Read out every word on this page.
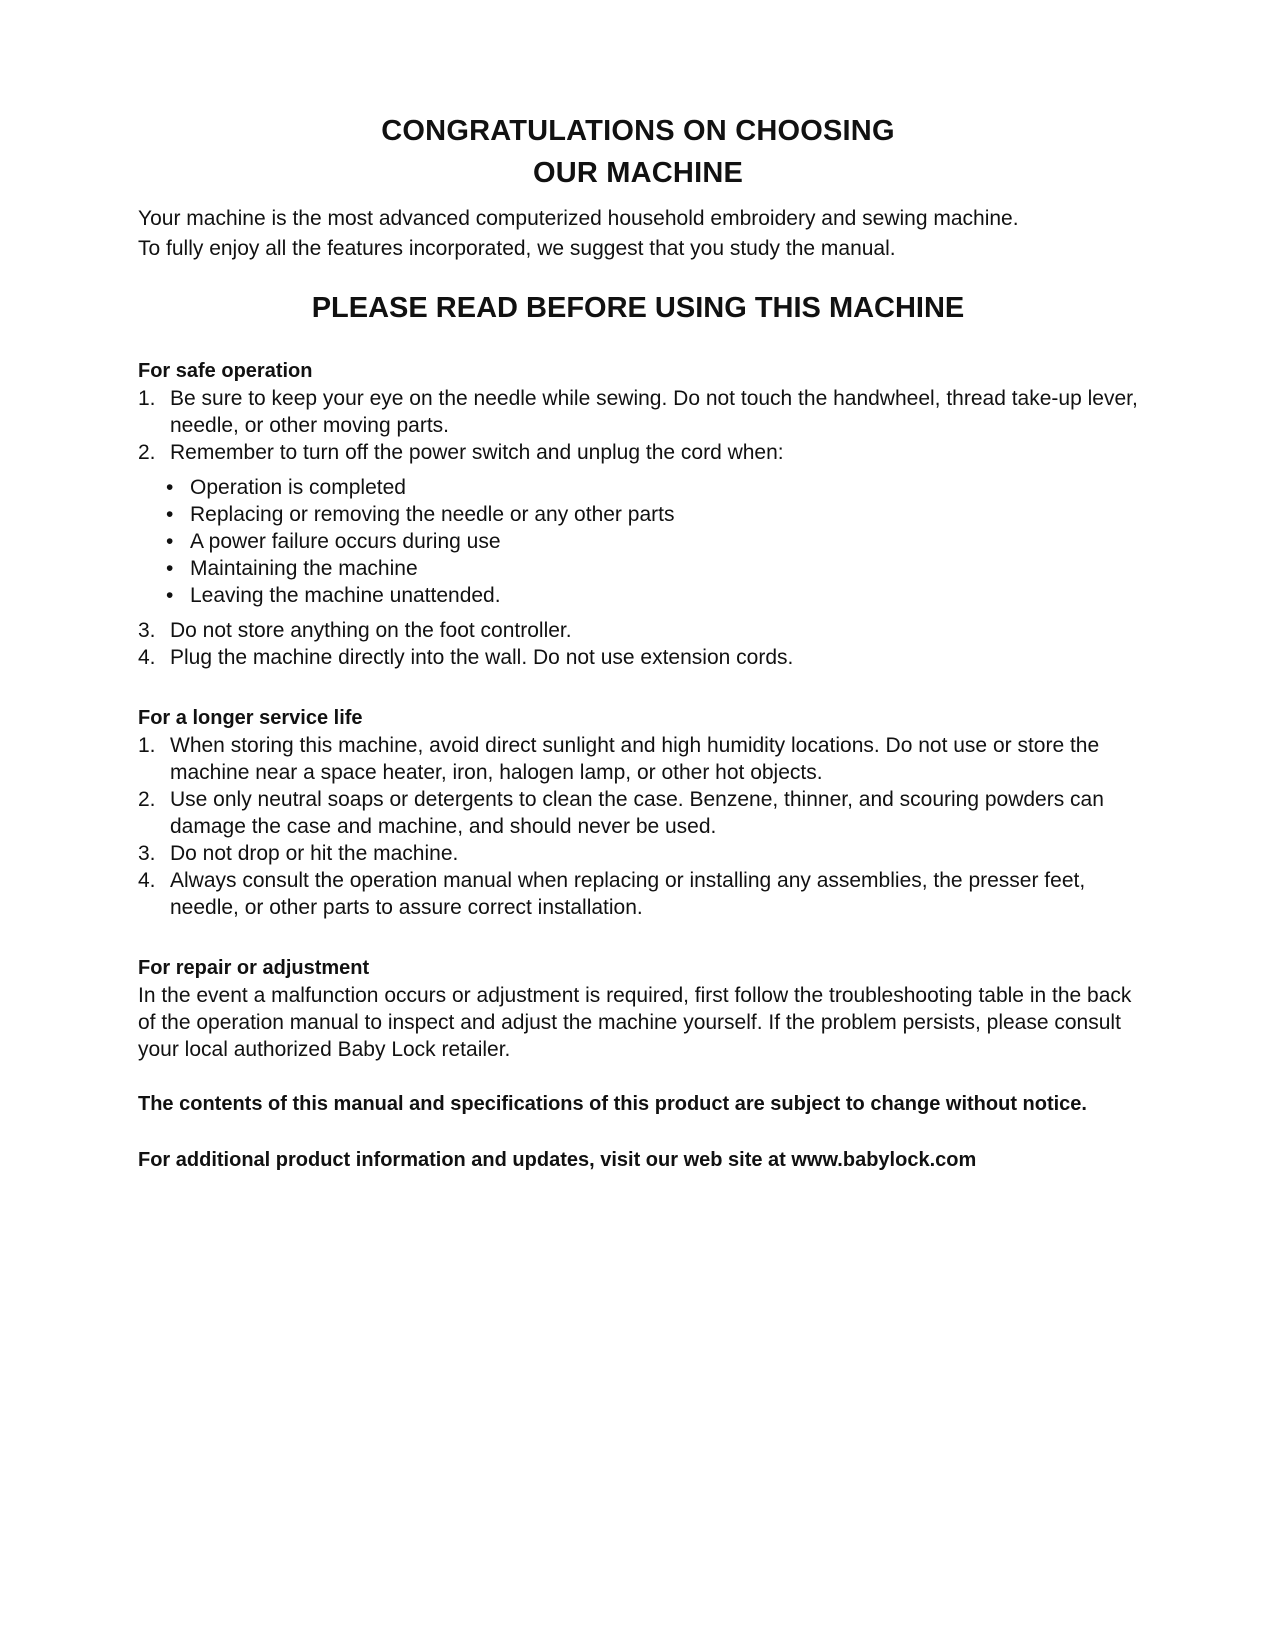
CONGRATULATIONS ON CHOOSING
OUR MACHINE

Your machine is the most advanced computerized household embroidery and sewing machine.
To fully enjoy all the features incorporated, we suggest that you study the manual.

PLEASE READ BEFORE USING THIS MACHINE
For safe operation
1. Be sure to keep your eye on the needle while sewing. Do not touch the handwheel, thread take-up lever, needle, or other moving parts.
2. Remember to turn off the power switch and unplug the cord when:
• Operation is completed
• Replacing or removing the needle or any other parts
• A power failure occurs during use
• Maintaining the machine
• Leaving the machine unattended.
3. Do not store anything on the foot controller.
4. Plug the machine directly into the wall. Do not use extension cords.
For a longer service life
1. When storing this machine, avoid direct sunlight and high humidity locations. Do not use or store the machine near a space heater, iron, halogen lamp, or other hot objects.
2. Use only neutral soaps or detergents to clean the case. Benzene, thinner, and scouring powders can damage the case and machine, and should never be used.
3. Do not drop or hit the machine.
4. Always consult the operation manual when replacing or installing any assemblies, the presser feet, needle, or other parts to assure correct installation.
For repair or adjustment

In the event a malfunction occurs or adjustment is required, first follow the troubleshooting table in the back of the operation manual to inspect and adjust the machine yourself. If the problem persists, please consult your local authorized Baby Lock retailer.

The contents of this manual and specifications of this product are subject to change without notice.

For additional product information and updates, visit our web site at www.babylock.com
